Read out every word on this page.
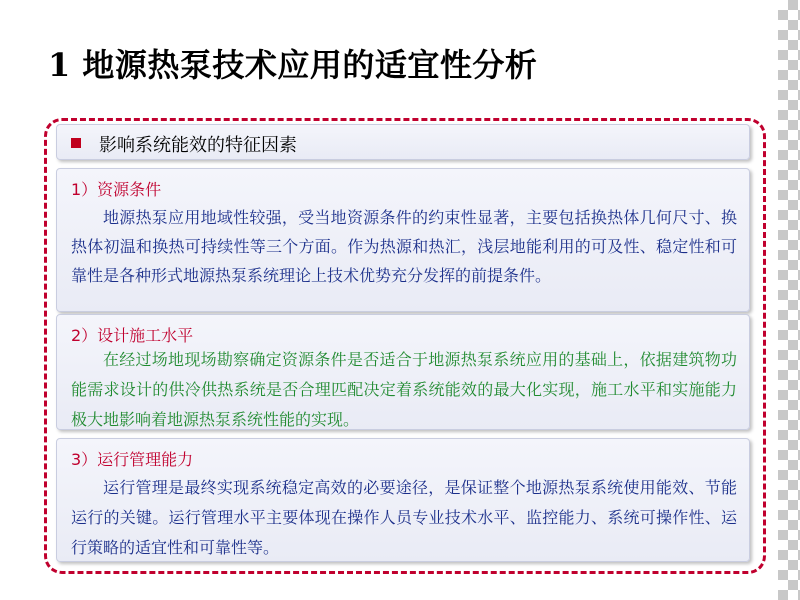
1 地源热泵技术应用的适宜性分析
影响系统能效的特征因素
1）资源条件

地源热泵应用地域性较强，受当地资源条件的约束性显著，主要包括换热体几何尺寸、换热体初温和换热可持续性等三个方面。作为热源和热汇，浅层地能利用的可及性、稳定性和可靠性是各种形式地源热泵系统理论上技术优势充分发挥的前提条件。

2）设计施工水平

在经过场地现场勘察确定资源条件是否适合于地源热泵系统应用的基础上，依据建筑物功能需求设计的供冷供热系统是否合理匹配决定着系统能效的最大化实现，施工水平和实施能力极大地影响着地源热泵系统性能的实现。

3）运行管理能力

运行管理是最终实现系统稳定高效的必要途径，是保证整个地源热泵系统使用能效、节能运行的关键。运行管理水平主要体现在操作人员专业技术水平、监控能力、系统可操作性、运行策略的适宜性和可靠性等。
